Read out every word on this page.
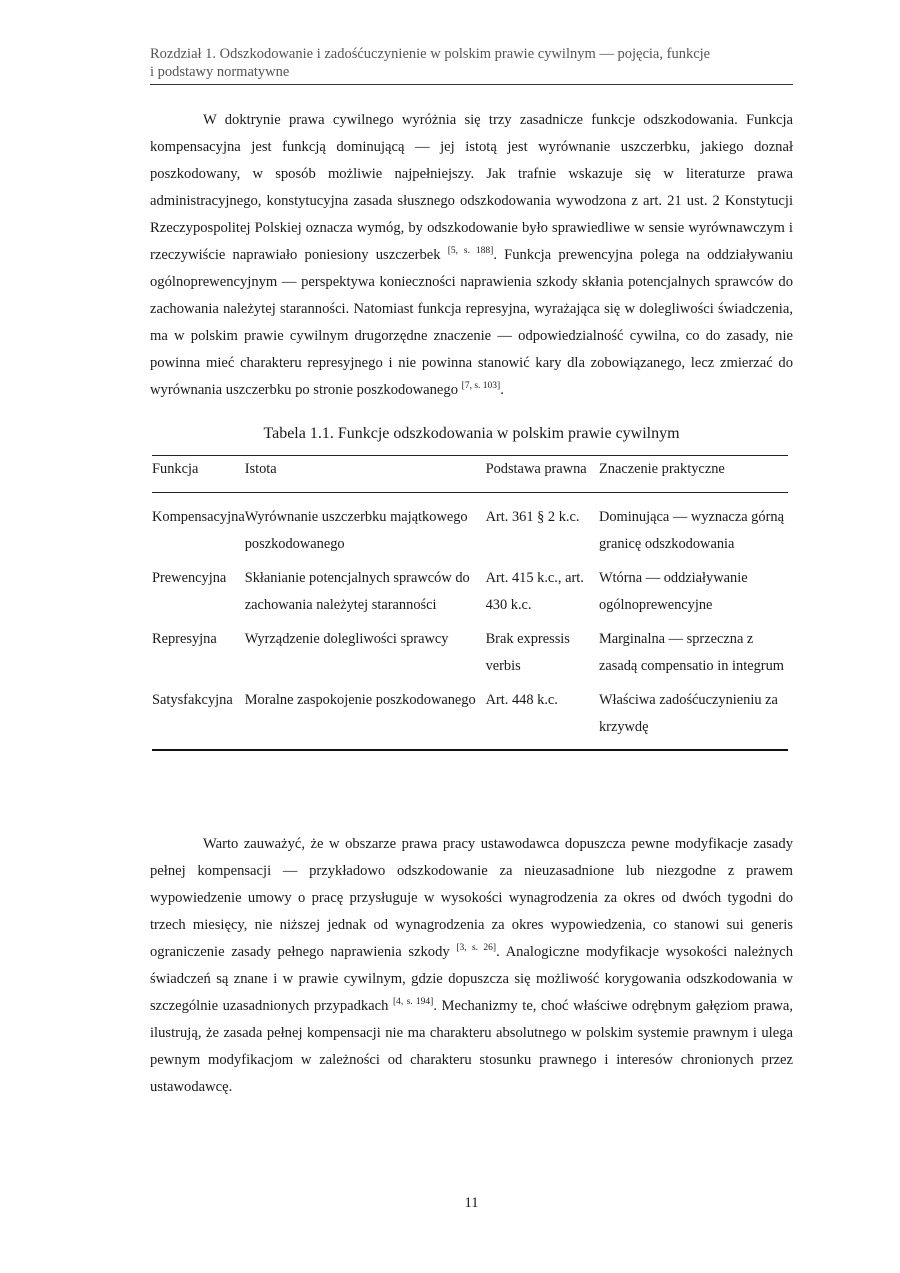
Rozdział 1. Odszkodowanie i zadośćuczynienie w polskim prawie cywilnym — pojęcia, funkcje
i podstawy normatywne

W doktrynie prawa cywilnego wyróżnia się trzy zasadnicze funkcje odszkodowania. Funkcja kompensacyjna jest funkcją dominującą — jej istotą jest wyrównanie uszczerbku, jakiego doznał poszkodowany, w sposób możliwie najpełniejszy. Jak trafnie wskazuje się w literaturze prawa administracyjnego, konstytucyjna zasada słusznego odszkodowania wywodzona z art. 21 ust. 2 Konstytucji Rzeczypospolitej Polskiej oznacza wymóg, by odszkodowanie było sprawiedliwe w sensie wyrównawczym i rzeczywiście naprawiało poniesiony uszczerbek [5, s. 188]. Funkcja prewencyjna polega na oddziaływaniu ogólnoprewencyjnym — perspektywa konieczności naprawienia szkody skłania potencjalnych sprawców do zachowania należytej staranności. Natomiast funkcja represyjna, wyrażająca się w dolegliwości świadczenia, ma w polskim prawie cywilnym drugorzędne znaczenie — odpowiedzialność cywilna, co do zasady, nie powinna mieć charakteru represyjnego i nie powinna stanowić kary dla zobowiązanego, lecz zmierzać do wyrównania uszczerbku po stronie poszkodowanego [7, s. 103].

Tabela 1.1. Funkcje odszkodowania w polskim prawie cywilnym
Funkcja	Istota	Podstawa prawna	Znaczenie praktyczne
Kompensacyjna	Wyrównanie uszczerbku majątkowego poszkodowanego	Art. 361 § 2 k.c.	Dominująca — wyznacza górną granicę odszkodowania
Prewencyjna	Skłanianie potencjalnych sprawców do zachowania należytej staranności	Art. 415 k.c., art. 430 k.c.	Wtórna — oddziaływanie ogólnoprewencyjne
Represyjna	Wyrządzenie dolegliwości sprawcy	Brak expressis verbis	Marginalna — sprzeczna z zasadą compensatio in integrum
Satysfakcyjna	Moralne zaspokojenie poszkodowanego	Art. 448 k.c.	Właściwa zadośćuczynieniu za krzywdę

Warto zauważyć, że w obszarze prawa pracy ustawodawca dopuszcza pewne modyfikacje zasady pełnej kompensacji — przykładowo odszkodowanie za nieuzasadnione lub niezgodne z prawem wypowiedzenie umowy o pracę przysługuje w wysokości wynagrodzenia za okres od dwóch tygodni do trzech miesięcy, nie niższej jednak od wynagrodzenia za okres wypowiedzenia, co stanowi sui generis ograniczenie zasady pełnego naprawienia szkody [3, s. 26]. Analogiczne modyfikacje wysokości należnych świadczeń są znane i w prawie cywilnym, gdzie dopuszcza się możliwość korygowania odszkodowania w szczególnie uzasadnionych przypadkach [4, s. 194]. Mechanizmy te, choć właściwe odrębnym gałęziom prawa, ilustrują, że zasada pełnej kompensacji nie ma charakteru absolutnego w polskim systemie prawnym i ulega pewnym modyfikacjom w zależności od charakteru stosunku prawnego i interesów chronionych przez ustawodawcę.

11
